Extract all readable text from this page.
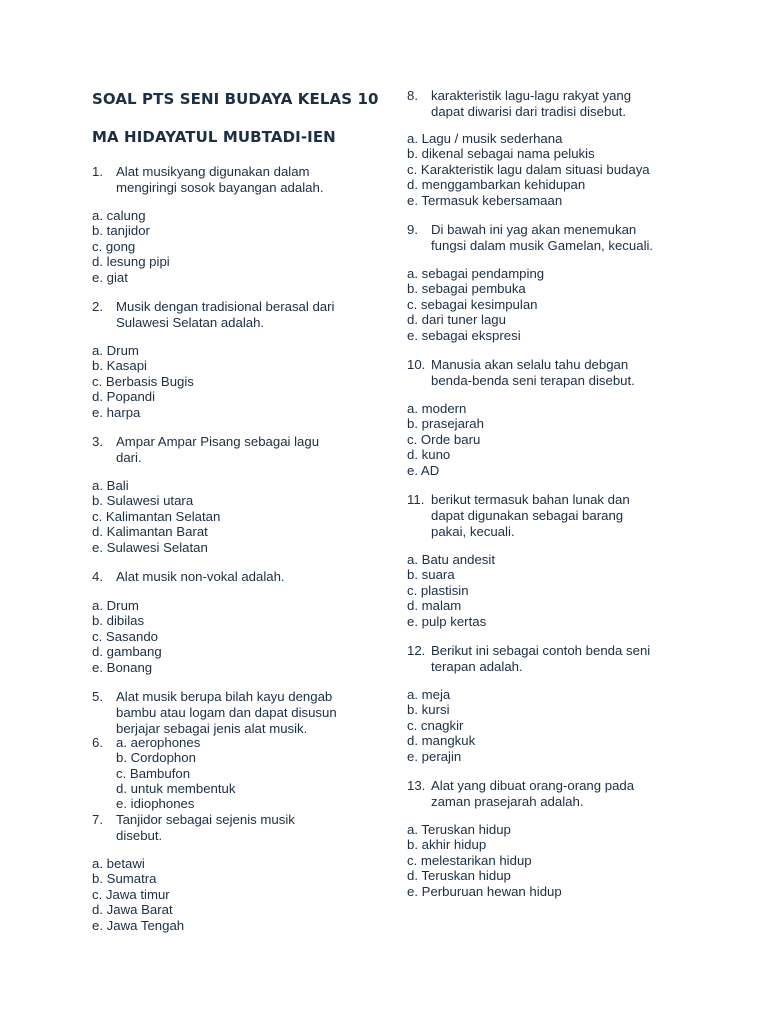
SOAL PTS SENI BUDAYA KELAS 10
MA HIDAYATUL MUBTADI-IEN
1. Alat musikyang digunakan dalam
mengiringi sosok bayangan adalah.
a. calung
b. tanjidor
c. gong
d. lesung pipi
e. giat
2. Musik dengan tradisional berasal dari
Sulawesi Selatan adalah.
a. Drum
b. Kasapi
c. Berbasis Bugis
d. Popandi
e. harpa
3. Ampar Ampar Pisang sebagai lagu
dari.
a. Bali
b. Sulawesi utara
c. Kalimantan Selatan
d. Kalimantan Barat
e. Sulawesi Selatan
4. Alat musik non-vokal adalah.
a. Drum
b. dibilas
c. Sasando
d. gambang
e. Bonang
5. Alat musik berupa bilah kayu dengab
bambu atau logam dan dapat disusun
berjajar sebagai jenis alat musik.
6. a. aerophones
b. Cordophon
c. Bambufon
d. untuk membentuk
e. idiophones
7. Tanjidor sebagai sejenis musik
disebut.
a. betawi
b. Sumatra
c. Jawa timur
d. Jawa Barat
e. Jawa Tengah
8. karakteristik lagu-lagu rakyat yang
dapat diwarisi dari tradisi disebut.
a. Lagu / musik sederhana
b. dikenal sebagai nama pelukis
c. Karakteristik lagu dalam situasi budaya
d. menggambarkan kehidupan
e. Termasuk kebersamaan
9. Di bawah ini yag akan menemukan
fungsi dalam musik Gamelan, kecuali.
a. sebagai pendamping
b. sebagai pembuka
c. sebagai kesimpulan
d. dari tuner lagu
e. sebagai ekspresi
10. Manusia akan selalu tahu debgan
benda-benda seni terapan disebut.
a. modern
b. prasejarah
c. Orde baru
d. kuno
e. AD
11. berikut termasuk bahan lunak dan
dapat digunakan sebagai barang
pakai, kecuali.
a. Batu andesit
b. suara
c. plastisin
d. malam
e. pulp kertas
12. Berikut ini sebagai contoh benda seni
terapan adalah.
a. meja
b. kursi
c. cnagkir
d. mangkuk
e. perajin
13. Alat yang dibuat orang-orang pada
zaman prasejarah adalah.
a. Teruskan hidup
b. akhir hidup
c. melestarikan hidup
d. Teruskan hidup
e. Perburuan hewan hidup
